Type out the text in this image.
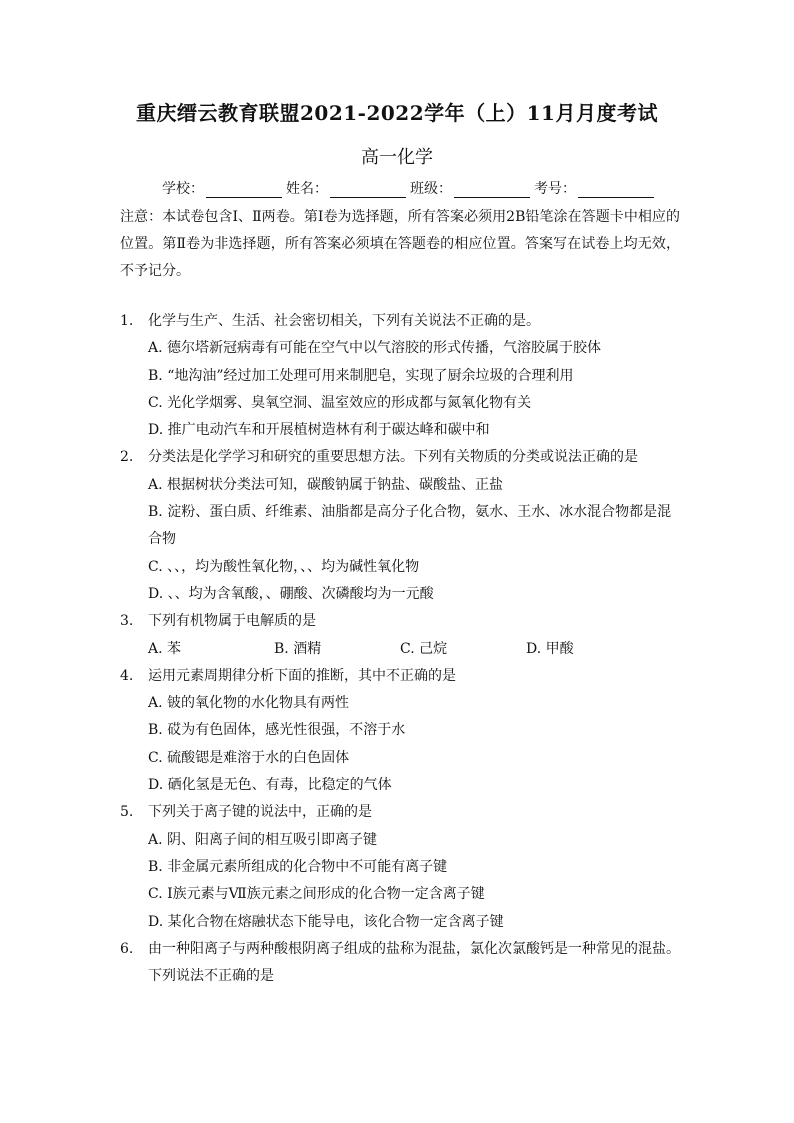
重庆缙云教育联盟2021-2022学年（上）11月月度考试
高一化学
学校：	姓名：	班级：	考号：
注意：本试卷包含Ⅰ、Ⅱ两卷。第Ⅰ卷为选择题，所有答案必须用2B铅笔涂在答题卡中相应的位置。第Ⅱ卷为非选择题，所有答案必须填在答题卷的相应位置。答案写在试卷上均无效，不予记分。
1.	化学与生产、生活、社会密切相关，下列有关说法不正确的是。
A. 德尔塔新冠病毒有可能在空气中以气溶胶的形式传播，气溶胶属于胶体
B. “地沟油”经过加工处理可用来制肥皂，实现了厨余垃圾的合理利用
C. 光化学烟雾、臭氧空洞、温室效应的形成都与氮氧化物有关
D. 推广电动汽车和开展植树造林有利于碳达峰和碳中和
2.	分类法是化学学习和研究的重要思想方法。下列有关物质的分类或说法正确的是
A. 根据树状分类法可知，碳酸钠属于钠盐、碳酸盐、正盐
B. 淀粉、蛋白质、纤维素、油脂都是高分子化合物，氨水、王水、冰水混合物都是混
合物
C. 、、，均为酸性氧化物，、、均为碱性氧化物
D. 、、均为含氧酸，、硼酸、次磷酸均为一元酸
3.	下列有机物属于电解质的是
A. 苯	B. 酒精	C. 己烷	D. 甲酸
4.	运用元素周期律分析下面的推断，其中不正确的是
A. 铍的氧化物的水化物具有两性
B. 砹为有色固体，感光性很强，不溶于水
C. 硫酸锶是难溶于水的白色固体
D. 硒化氢是无色、有毒，比稳定的气体
5.	下列关于离子键的说法中，正确的是
A. 阴、阳离子间的相互吸引即离子键
B. 非金属元素所组成的化合物中不可能有离子键
C. Ⅰ族元素与Ⅶ族元素之间形成的化合物一定含离子键
D. 某化合物在熔融状态下能导电，该化合物一定含离子键
6.	由一种阳离子与两种酸根阴离子组成的盐称为混盐，氯化次氯酸钙是一种常见的混盐。
下列说法不正确的是
